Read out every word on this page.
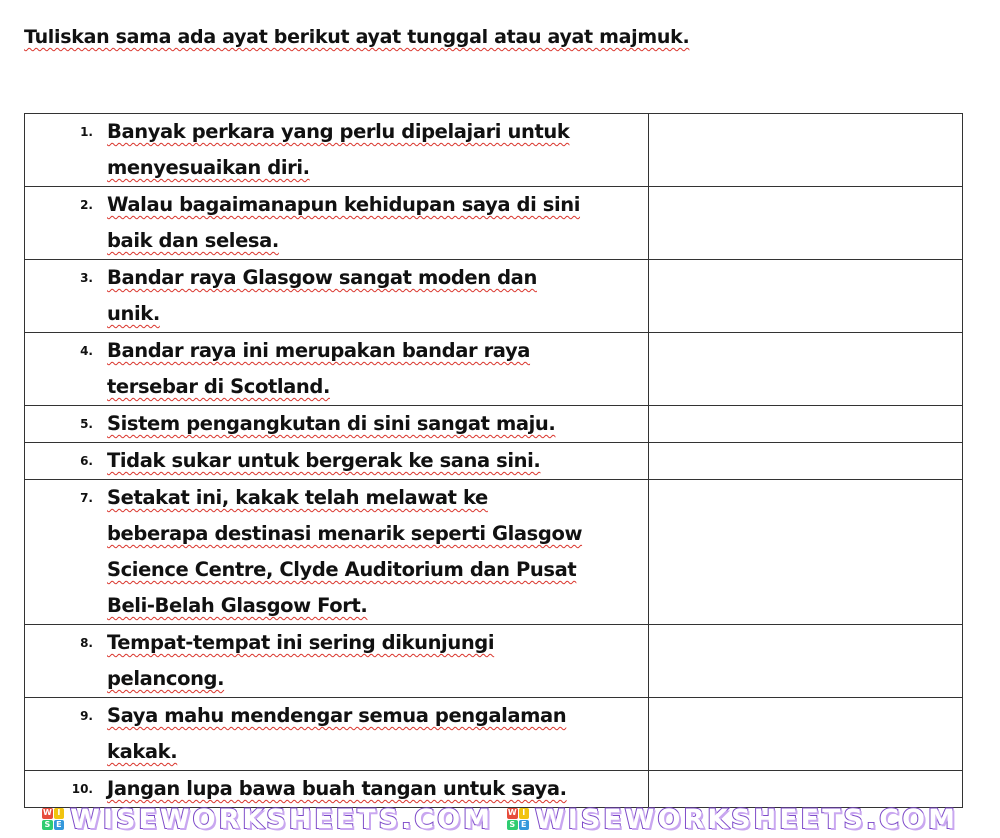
Tuliskan sama ada ayat berikut ayat tunggal atau ayat majmuk.
1. Banyak perkara yang perlu dipelajari untuk
menyesuaikan diri.	

2. Walau bagaimanapun kehidupan saya di sini
baik dan selesa.	

3. Bandar raya Glasgow sangat moden dan
unik.	

4. Bandar raya ini merupakan bandar raya
tersebar di Scotland.	

5. Sistem pengangkutan di sini sangat maju.	

6. Tidak sukar untuk bergerak ke sana sini.	

7. Setakat ini, kakak telah melawat ke
beberapa destinasi menarik seperti Glasgow
Science Centre, Clyde Auditorium dan Pusat
Beli-Belah Glasgow Fort.	

8. Tempat-tempat ini sering dikunjungi
pelancong.	

9. Saya mahu mendengar semua pengalaman
kakak.	

10. Jangan lupa bawa buah tangan untuk saya.	

W I
S E WISEWORKSHEETS.COM W I
S E WISEWORKSHEETS.COM
